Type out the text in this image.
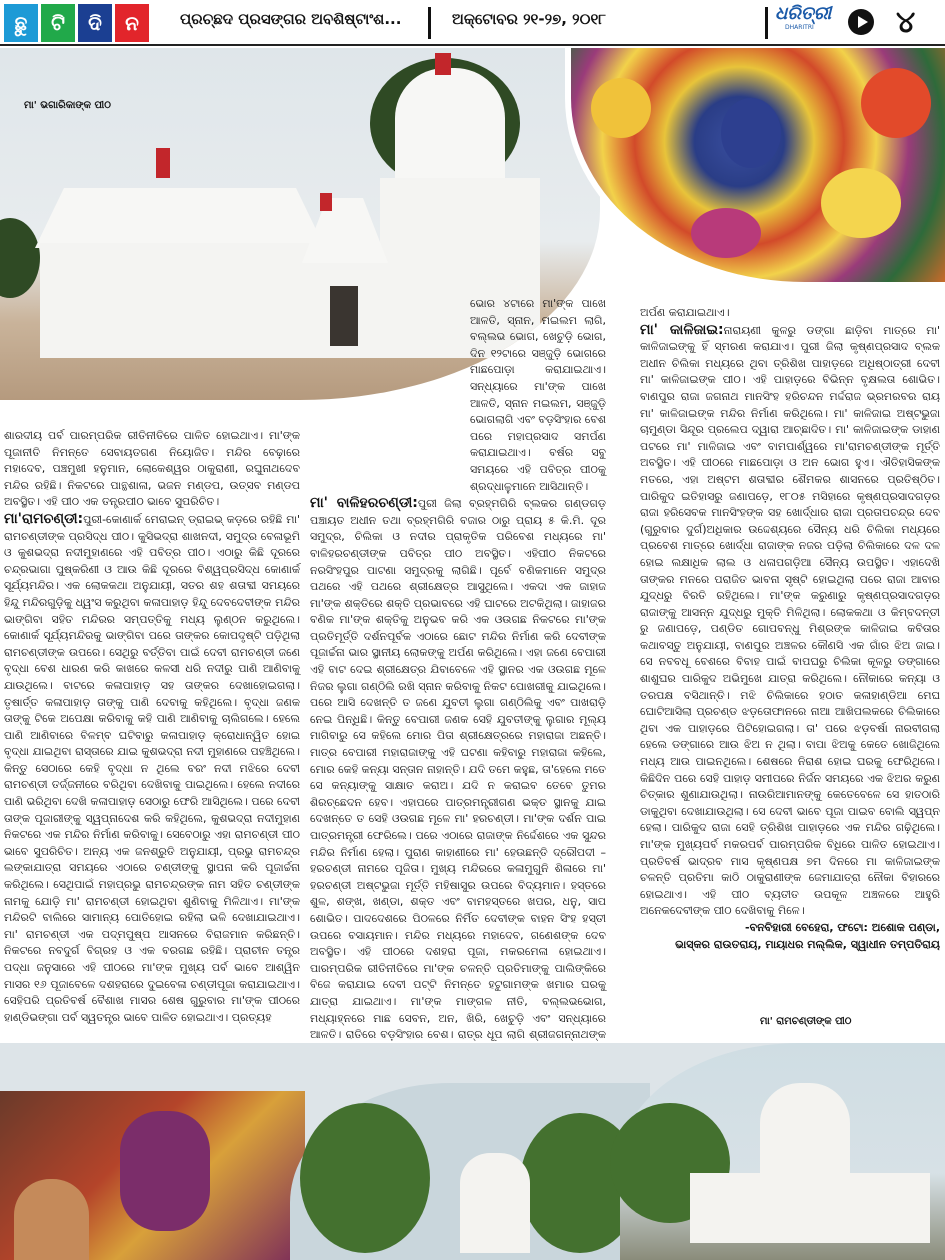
ଛୁ	ଟି	ଦି	ନ	ପ୍ରଚ୍ଛଦ ପ୍ରସଙ୍ଗର ଅବଶିଷ୍ଟାଂଶ...	ଅକ୍ଟୋବର ୨୧-୨୭, ୨୦୧୮	ଧରିତ୍ରୀ
DHARITRI	୪
ମା' ଭଗାରିକାଙ୍କ ପୀଠ

ଶାରଦୀୟ ପର୍ବ ପାରମ୍ପରିକ ରୀତିନୀତିରେ ପାଳିତ ହୋଇଥାଏ। ମା'ଙ୍କ ପୂଜାନୀତି ନିମନ୍ତେ ସେବାୟତଗଣ ନିୟୋଜିତ। ମନ୍ଦିର ବେଢ଼ାରେ ମହାଦେବ, ପଞ୍ଚମୁଖୀ ହନୁମାନ, ଲୋକେଶ୍ୱର ଠାକୁରାଣୀ, ରଘୁନାଥଦେବ ମନ୍ଦିର ରହିଛି। ନିକଟରେ ପାନ୍ଥଶାଳା, ଭଜନ ମଣ୍ଡପ, ଉତ୍ସବ ମଣ୍ଡପ ଅବସ୍ଥିତ। ଏହି ପୀଠ ଏକ ତନ୍ତ୍ରପୀଠ ଭାବେ ସୁପରିଚିତ।

ମା'ରାମଚଣ୍ଡୀ:ପୁରୀ-କୋଣାର୍କ ମେରାଇନ୍ ଡ୍ରାଇଭ୍ କଡ଼ରେ ରହିଛି ମା' ରାମଚଣ୍ଡୀଙ୍କ ପ୍ରସିଦ୍ଧ ପୀଠ। କୁସିଭଦ୍ରା ଶାଖନଦୀ, ସମୁଦ୍ର ବେଳାଭୂମି ଓ କୁଶଭଦ୍ରା ନଦୀମୁହାଣରେ ଏହି ପବିତ୍ର ପୀଠ। ଏଠାରୁ କିଛି ଦୂରରେ ଚନ୍ଦ୍ରଭାଗା ପୁଷ୍କରିଣୀ ଓ ଆଉ କିଛି ଦୂରରେ ବିଶ୍ୱପ୍ରସିଦ୍ଧ କୋଣାର୍କ ସୂର୍ଯ୍ୟମନ୍ଦିର। ଏକ ଲୋକକଥା ଅନୁଯାୟୀ, ସତର ଶହ ଶତାବ୍ଦୀ ସମୟରେ ହିନ୍ଦୁ ମନ୍ଦିରଗୁଡ଼ିକୁ ଧ୍ୱଂସ କରୁଥିବା କଳାପାହାଡ଼ ହିନ୍ଦୁ ଦେବଦେବୀଙ୍କ ମନ୍ଦିର ଭାଙ୍ଗିବା ସହିତ ମନ୍ଦିରର ସମ୍ପତ୍ତିକୁ ମଧ୍ୟ ଲୁଣ୍ଠନ କରୁଥିଲେ। କୋଣାର୍କ ସୂର୍ଯ୍ୟମନ୍ଦିରକୁ ଭାଙ୍ଗିବା ପରେ ତାଙ୍କର କୋପଦୃଷ୍ଟି ପଡ଼ିଥିଲା ରାମଚଣ୍ଡୀଙ୍କ ଉପରେ। ସେଥିରୁ ବର୍ତ୍ତିବା ପାଇଁ ଦେବୀ ରାମଚଣ୍ଡୀ ଜଣେ ବୃଦ୍ଧା ବେଶ ଧାରଣ କରି କାଖରେ କଳସୀ ଧରି ନଦୀରୁ ପାଣି ଆଣିବାକୁ ଯାଉଥିଲେ। ବାଟରେ କଳାପାହାଡ଼ ସହ ତାଙ୍କର ଦେଖାହୋଇଗଲା। ତୃଷାର୍ତ୍ତ କଳାପାହାଡ଼ ତାଙ୍କୁ ପାଣି ଦେବାକୁ କହିଥିଲେ। ବୃଦ୍ଧା ଜଣକ ତାଙ୍କୁ ଟିକେ ଅପେକ୍ଷା କରିବାକୁ କହି ପାଣି ଆଣିବାକୁ ଚାଲିଗଲେ। ହେଲେ ପାଣି ଆଣିବାରେ ବିଳମ୍ବ ଘଟିବାରୁ କଳାପାହାଡ଼ କ୍ରୋଧାନ୍ୱିତ ହୋଇ ବୃଦ୍ଧା ଯାଇଥିବା ରାସ୍ତାରେ ଯାଇ କୁଶଭଦ୍ରା ନଦୀ ମୁହାଣରେ ପହଞ୍ଚିଥିଲେ। କିନ୍ତୁ ସେଠାରେ କେହି ବୃଦ୍ଧା ନ ଥିଲେ ବରଂ ନଦୀ ମଝିରେ ଦେବୀ ରାମଚଣ୍ଡୀ ତର୍ଜ୍ଜନୀରେ ବରିଥିବା ଦେଖିବାକୁ ପାଇଥିଲେ। ହେଲେ ନଦୀରେ ପାଣି ଭରିଥିବା ଦେଖି କଳାପାହାଡ଼ ସେଠାରୁ ଫେରି ଆସିଥିଲେ। ପରେ ଦେବୀ ତାଙ୍କ ପୂଜାରୀଙ୍କୁ ସ୍ୱପ୍ନାଦେଶ କରି କହିଥିଲେ, କୁଶଭଦ୍ରା ନଦୀମୁହାଣ ନିକଟରେ ଏକ ମନ୍ଦିର ନିର୍ମାଣ କରିବାକୁ। ସେବେଠାରୁ ଏହା ରାମଚଣ୍ଡୀ ପୀଠ ଭାବେ ସୁପରିଚିତ। ଅନ୍ୟ ଏକ ଜନଶ୍ରୁତି ଅନୁଯାୟୀ, ପ୍ରଭୁ ରାମଚନ୍ଦ୍ର ଲଙ୍କାଯାତ୍ରା ସମୟରେ ଏଠାରେ ଚଣ୍ଡୀଙ୍କୁ ସ୍ଥାପନା କରି ପୂଜାର୍ଚ୍ଚନା କରିଥିଲେ। ସେଥିପାଇଁ ମହାପ୍ରଭୁ ରାମଚନ୍ଦ୍ରଙ୍କ ନାମ ସହିତ ଚଣ୍ଡୀଙ୍କ ନାମକୁ ଯୋଡ଼ି ମା' ରାମଚଣ୍ଡୀ ହୋଇଥିବା ଶୁଣିବାକୁ ମିଳିଥାଏ। ମା'ଙ୍କ ମନ୍ଦିରଟି ବାଲିରେ ସାମାନ୍ୟ ପୋତିହୋଇ ରହିଲା ଭଳି ଦେଖାଯାଇଥାଏ। ମା' ରାମଚଣ୍ଡୀ ଏକ ପଦ୍ମପୁଷ୍ପ ଆସନରେ ବିରାଜମାନ କରିଛନ୍ତି। ନିକଟରେ ନବଦୁର୍ଗ ବିଗ୍ରହ ଓ ଏକ ବରଗଛ ରହିଛି। ପ୍ରାଚୀନ ତନ୍ତ୍ର ପଦ୍ଧା ଜନୁସାରେ ଏହି ପୀଠରେ ମା'ଙ୍କ ମୁଖ୍ୟ ପର୍ବ ଭାବେ ଆଶ୍ୱିନ ମାସର ୧୬ ପୂଜାବେଳେ ଦଶହରାରେ ଦୁଇବେଳା ଚଣ୍ଡୀପୂଜା କରାଯାଇଥାଏ। ସେହିପରି ପ୍ରତିବର୍ଷ ବୈଶାଖ ମାସର ଶେଷ ଗୁରୁବାର ମା'ଙ୍କ ପୀଠରେ ହାଣ୍ଡିଭଙ୍ଗା ପର୍ବ ସ୍ୱତନ୍ତ୍ର ଭାବେ ପାଳିତ ହୋଇଥାଏ। ପ୍ରତ୍ୟହ

ଭୋର ୪ଟାରେ ମା'ଙ୍କ ପାଖେ ଆଳତି, ସ୍ନାନ, ମଇଲମ ଲାଗି, ବଲ୍ଲଭ ଭୋଗ, ଖେଚୁଡ଼ି ଭୋଗ, ଦିନ ୧୨ଟାରେ ସଞ୍ଜୁଡ଼ି ଭୋଗରେ ମାଛପୋଡ଼ା କରାଯାଇଥାଏ। ସନ୍ଧ୍ୟାରେ ମା'ଙ୍କ ପାଖେ ଆଳତି, ସ୍ନାନ ମଇଲମ, ସଞ୍ଜୁଡ଼ି ଭୋଗଲାଗି ଏବଂ ବଡ଼ସିଂହାର ବେଶ ପରେ ମହାପ୍ରସାଦ ସମର୍ପଣ କରାଯାଇଥାଏ। ବର୍ଷର ସବୁ ସମୟରେ ଏହି ପବିତ୍ର ପୀଠକୁ ଶ୍ରଦ୍ଧାଳୁମାନେ ଆସିଥାନ୍ତି।

ମା' ବାଳିହରଚଣ୍ଡୀ:ପୁରୀ ଜିଲା ବ୍ରହ୍ମଗିରି ବ୍ଲକର ଗଣ୍ଡଗଡ଼ ପଞ୍ଚାୟତ ଅଧୀନ ତଥା ବ୍ରହ୍ମଗିରି ବଜାର ଠାରୁ ପ୍ରାୟ ୫ କି.ମି. ଦୂର ସମୁଦ୍ର, ଚିଲିକା ଓ ନଦୀର ପ୍ରାକୃତିକ ପରିବେଶ ମଧ୍ୟରେ ମା' ବାଳିହରଚଣ୍ଡୀଙ୍କ ପବିତ୍ର ପୀଠ ଅବସ୍ଥିତ। ଏହିପୀଠ ନିକଟରେ ନରସିଂହପୁର ପାଟଣା ସମୁଦ୍ରକୁ ଲାଗିଛି। ପୂର୍ବେ ବଣିକମାନେ ସମୁଦ୍ର ପଥରେ ଏହି ପଥରେ ଶ୍ରୀକ୍ଷେତ୍ର ଆସୁଥିଲେ। ଏକଦା ଏକ ଜାହାଜ ମା'ଙ୍କ ଶକ୍ତିରେ ଶକ୍ତି ପ୍ରଭାବରେ ଏହି ଘାଟରେ ଅଟକିଥିଲା। ଜାହାଜର ବଣିକ ମା'ଙ୍କ ଶକ୍ତିକୁ ଅନୁଭବ କରି ଏକ ଓଉଗଛ ନିକଟରେ ମା'ଙ୍କ ପ୍ରତିମୂର୍ତ୍ତି ଦର୍ଶନପୂର୍ବକ ଏଠାରେ ଛୋଟ ମନ୍ଦିର ନିର୍ମାଣ କରି ଦେବୀଙ୍କ ପୂଜାର୍ଚ୍ଚନା ଭାର ସ୍ଥାନୀୟ ଲୋକଙ୍କୁ ଅର୍ପଣ କରିଥିଲେ। ଏହା ଜଣେ ବେପାରୀ ଏହି ବାଟ ଦେଇ ଶ୍ରୀକ୍ଷେତ୍ର ଯିବାବେଳେ ଏହି ସ୍ଥାନର ଏକ ଓଉଗଛ ମୂଳେ ନିଜର ଲୁଗା ଗଣ୍ଠିଲି ରଖି ସ୍ନାନ କରିବାକୁ ନିକଟ ପୋଖରୀକୁ ଯାଇଥିଲେ। ପରେ ଆସି ଦେଖନ୍ତି ତ ଜଣେ ଯୁବତୀ ଲୁଗା ଗଣ୍ଠିଲିକୁ ଏବଂ ପାଖରାଡ଼ି ନେଇ ପିନ୍ଧିଛି। କିନ୍ତୁ ବେପାରୀ ଜଣକ ସେହି ଯୁବତୀଙ୍କୁ ଲୁଗାର ମୂଲ୍ୟ ମାଗିବାରୁ ସେ କହିଲେ ମୋର ପିତା ଶ୍ରୀକ୍ଷେତ୍ରରେ ମହାରାଜା ଅଛନ୍ତି। ମାତ୍ର ବେପାରୀ ମହାରାଜାଙ୍କୁ ଏହି ଘଟଣା କହିବାରୁ ମହାରାଜା କହିଲେ, ମୋର କେହି କନ୍ୟା ସନ୍ତାନ ନାହାନ୍ତି। ଯଦି ତମେ କହୁଛ, ତା'ହେଲେ ମତେ ସେ କନ୍ୟାଙ୍କୁ ସାକ୍ଷାତ କରାଅ। ଯଦି ନ କରାଇବ ତେବେ ତୁମର ଶିରଚ୍ଛେଦନ ହେବ। ଏହାପରେ ପାତ୍ରମନ୍ତ୍ରୀଗଣ ଭକ୍ତ ସ୍ଥାନକୁ ଯାଇ ଦେଖନ୍ତେ ତ ସେହି ଓଉଗଛ ମୂଳେ ମା' ହରଚଣ୍ଡୀ। ମା'ଙ୍କ ଦର୍ଶନ ପାଇ ପାତ୍ରମନ୍ତ୍ରୀ ଫେରିଲେ। ପରେ ଏଠାରେ ରାଜାଙ୍କ ନିର୍ଦ୍ଦେଶରେ ଏକ ସୁନ୍ଦର ମନ୍ଦିର ନିର୍ମାଣ ହେଲା। ପୁରାଣ କାହାଣୀରେ ମା' ହେଉଛନ୍ତି ଦ୍ରୌପଦୀ –ହରଚଣ୍ଡୀ ନାମରେ ପୂଜିତା। ମୁଖ୍ୟ ମନ୍ଦିରରେ କଳାମୁଗୁନି ଶିଳାରେ ମା' ହରଚଣ୍ଡୀ ଅଷ୍ଟଭୁଜା ମୂର୍ତ୍ତି ମହିଷାସୁର ଉପରେ ବିଦ୍ୟମାନ। ହସ୍ତରେ ଶୁଳ, ଶଙ୍ଖ, ଖଣ୍ଡା, ଶକ୍ତ ଏବଂ ବାମହସ୍ତରେ ଖପର, ଧନୁ, ସାପ ଶୋଭିତ। ପାଦଦେଶରେ ପିଠଳରେ ନିର୍ମିତ ଦେବୀଙ୍କ ବାହନ ସିଂହ ହସ୍ତୀ ଉପରେ ବସାୟମାନ। ମନ୍ଦିର ମଧ୍ୟରେ ମହାଦେବ, ଗଣେଶଙ୍କ ଦେବ ଅବସ୍ଥିତ। ଏହି ପୀଠରେ ଦଶହରା ପୂଜା, ମକରମେଳା ହୋଇଥାଏ। ପାରମ୍ପରିକ ରୀତିନୀତିରେ ମା'ଙ୍କ ଚଳନ୍ତି ପ୍ରତିମାଙ୍କୁ ପାଲିଙ୍କିରେ ବିଜେ କରାଯାଇ ଦେବୀ ପଟ୍ଟି ନିମନ୍ତେ ହଟୁଗାମଙ୍କ ଖମାର ଘରକୁ ଯାତ୍ରା ଯାଇଥାଏ। ମା'ଙ୍କ ମାଙ୍ଗଳ ନୀତି, ବଲ୍ଲଭଭୋଗ, ମଧ୍ୟାହ୍ନରେ ମାଛ ସେବନ, ଅନ, ଖିରି, ଖେଚୁଡ଼ି ଏବଂ ସନ୍ଧ୍ୟାରେ ଆଳତି। ରାତିରେ ବଡ଼ସିଂହାର ବେଶ। ରାତ୍ର ଧୂପ ଲାଗି ଶ୍ରୀଜଗନ୍ନାଥଙ୍କ

ଅର୍ପଣ କରାଯାଇଥାଏ।

ମା' କାଳିଜାଇ:ନାରାୟଣୀ କୁଳରୁ ଡଙ୍ଗା ଛାଡ଼ିବା ମାତ୍ରେ ମା' କାଳିଜାଇଙ୍କୁ ହିଁ ସ୍ମରଣ କରାଯାଏ। ପୁରୀ ଜିଲା କୃଷ୍ଣପ୍ରସାଦ ବ୍ଲକ ଅଧୀନ ଚିଲିକା ମଧ୍ୟରେ ଥିବା ତ୍ରିଶିଖ ପାହାଡ଼ରେ ଅଧିଷ୍ଠାତ୍ରୀ ଦେବୀ ମା' କାଳିଜାଇଙ୍କ ପୀଠ। ଏହି ପାହାଡ଼ରେ ବିଭିନ୍ନ ବୃକ୍ଷଲତା ଶୋଭିତ। ବାଣପୁର ରାଜା ଜଗନାଥ ମାନସିଂହ ହରିଚନ୍ଦନ ମର୍ଦ୍ଦରାଜ ଭ୍ରମରବର ରାୟ ମା' କାଳିଜାଇଙ୍କ ମନ୍ଦିର ନିର୍ମାଣ କରିଥିଲେ। ମା' କାଳିଜାଇ ଅଷ୍ଟଭୁଜା ଚାମୁଣ୍ଡା ସିନ୍ଦୂର ପ୍ରଲେପ ଦ୍ୱାରା ଆଚ୍ଛାଦିତ। ମା' କାଳିଜାଇଙ୍କ ଡାହାଣ ପଟରେ ମା' ମାଳିଜାଇ ଏବଂ ବାମପାର୍ଶ୍ୱରେ ମା'ରାମଚଣ୍ଡୀଙ୍କ ମୂର୍ତ୍ତି ଅବସ୍ଥିତ। ଏହି ପୀଠରେ ମାଛପୋଡ଼ା ଓ ଅନ ଭୋଗ ହୁଏ। ଐତିହାସିକଙ୍କ ମତରେ, ଏହା ଅଷ୍ଟମ ଶତାବ୍ଦୀର ଶୈମକର ଶାସନରେ ପ୍ରତିଷ୍ଠିତ। ପାରିକୁଦ ଇତିହାସରୁ ଜଣାପଡ଼େ, ୧୮୦୫ ମସିହାରେ କୃଷ୍ଣପ୍ରସାଦଗଡ଼ର ରାଜା ହରିସେବକ ମାନସିଂହଙ୍କ ସହ ଖୋର୍ଦ୍ଧାର ରାଜା ପ୍ରତାପଚନ୍ଦ୍ର ଦେବ (ଗୁରୁବାର ଦୁର୍ଗ)ଅଧିକାର ଉଦ୍ଦେଶ୍ୟରେ ସୈନ୍ୟ ଧରି ଚିଲିକା ମଧ୍ୟରେ ପ୍ରବେଶ ମାତ୍ରେ ଖୋର୍ଦ୍ଧା ରାଜାଙ୍କ ନଜର ପଡ଼ିଲା ଚିଲିକାରେ ଦଳ ଦଳ ହୋଇ ଲକ୍ଷାଧିକ ଲାଲ ଓ ଧଳାପଗଡ଼ିଆ ସୈନ୍ୟ ଉପସ୍ଥିତ। ଏହାଦେଖି ତାଙ୍କର ମନରେ ପରାଜିତ ଭାବନା ସୃଷ୍ଟି ହୋଇଥିଲା ପରେ ରାଜା ଆବାର ଯୁଦ୍ଧରୁ ବିରତି ରହିଥିଲେ। ମା'ଙ୍କ କରୁଣାରୁ କୃଷ୍ଣପ୍ରସାଦଗଡ଼ର ରାଜାଙ୍କୁ ଆସନ୍ନ ଯୁଦ୍ଧରୁ ମୁକ୍ତି ମିଳିଥିଲା। ଲୋକକଥା ଓ କିମ୍ବଦନ୍ତୀ ରୁ ଜଣାପଡ଼େ, ପଣ୍ଡିତ ଗୋପବନ୍ଧୁ ମିଶ୍ରଙ୍କ କାଳିଜାଇ କବିତାର କଥାବସ୍ତୁ ଅନୁଯାୟୀ, ବାଣପୁର ଅଞ୍ଚଳର କୌଣସି ଏକ ଗାଁର ଝିଅ ଜାଇ। ସେ ନବବଧୂ ବେଶରେ ବିବାହ ପାଇଁ ବାପଘରୁ ଚିଲିକା କୂଳରୁ ଡଙ୍ଗାରେ ଶାଶୁଘର ପାରିକୁଦ ଅଭିମୁଖେ ଯାତ୍ରା କରିଥିଲେ। ନୌକାରେ କନ୍ୟା ଓ ତରପକ୍ଷ ବସିଥାନ୍ତି। ମଝି ଚିଲିକାରେ ହଠାତ କଳାହାଣ୍ଡିଆ ମେଘ ଘୋଟିଆସିଲା ପ୍ରଚଣ୍ଡ ଝଡ଼ତୋଫାନରେ ନାଆ ଆଖିପଲକରେ ଚିଲିକାରେ ଥିବା ଏକ ପାହାଡ଼ରେ ପିଟିହୋଇଗଲା। ତା' ପରେ ଝଡ଼ବର୍ଷା ନାରବୀଗଲା ହେଲେ ଡଙ୍ଗାରେ ଆଉ ଝିଅ ନ ଥିଲା। ବାପା ଝିଅକୁ କେତେ ଖୋଜିଥିଲେ ମଧ୍ୟ ଆଉ ପାଇନଥିଲେ। ଶେଷରେ ନିରାଶ ହୋଇ ଘରକୁ ଫେରିଥିଲେ। କିଛିଦିନ ପରେ ସେହି ପାହାଡ଼ ସମୀପରେ ନିର୍ଜନ ସମୟରେ ଏକ ଝିଅର କରୁଣ ଚିତ୍କାର ଶୁଣାଯାଉଥିଲା। ନାଉରିଆମାନଙ୍କୁ କେତେବେଳେ ସେ ହାତଠାରି ଡାକୁଥିବା ଦେଖାଯାଉଥିଲା। ସେ ଦେବୀ ଭାବେ ପୂଜା ପାଇବ ବୋଲି ସ୍ୱପ୍ନ ହେଲା। ପାରିକୁଦ ରାଜା ସେହି ତ୍ରିଶିଖ ପାହାଡ଼ରେ ଏକ ମନ୍ଦିର ଗଢ଼ିଥିଲେ। ମା'ଙ୍କ ମୁଖ୍ୟପର୍ବ ମକରପର୍ବ ପାରମ୍ପରିକ ବିଧିରେ ପାଳିତ ହୋଇଥାଏ। ପ୍ରତିବର୍ଷ ଭାଦ୍ରବ ମାସ କୃଷ୍ଣପକ୍ଷ ୭ମ ଦିନରେ ମା କାଳିଜାଇଙ୍କ ଚଳନ୍ତି ପ୍ରତିମା କାଠି ଠାକୁରାଣୀଙ୍କ ଜେମାଯାତ୍ରା ନୌକା ବିହାରରେ ହୋଇଥାଏ। ଏହି ପୀଠ ବ୍ୟତୀତ ଉପକୂଳ ଅଞ୍ଚଳରେ ଆହୁରି ଅନେକଦେବୀଙ୍କ ପୀଠ ଦେଖିବାକୁ ମିଳେ।

-ବନବିହାରୀ ବେହେରା, ଫଟୋ: ଅଶୋକ ପଣ୍ଡା,

ଭାସ୍କର ରାଉତରାୟ, ମାୟାଧର ମଲ୍ଲିକ, ସ୍ୱାଧୀନ ତମ୍ପତିରାୟ

ମା' ରାମଚଣ୍ଡୀଙ୍କ ପୀଠ
